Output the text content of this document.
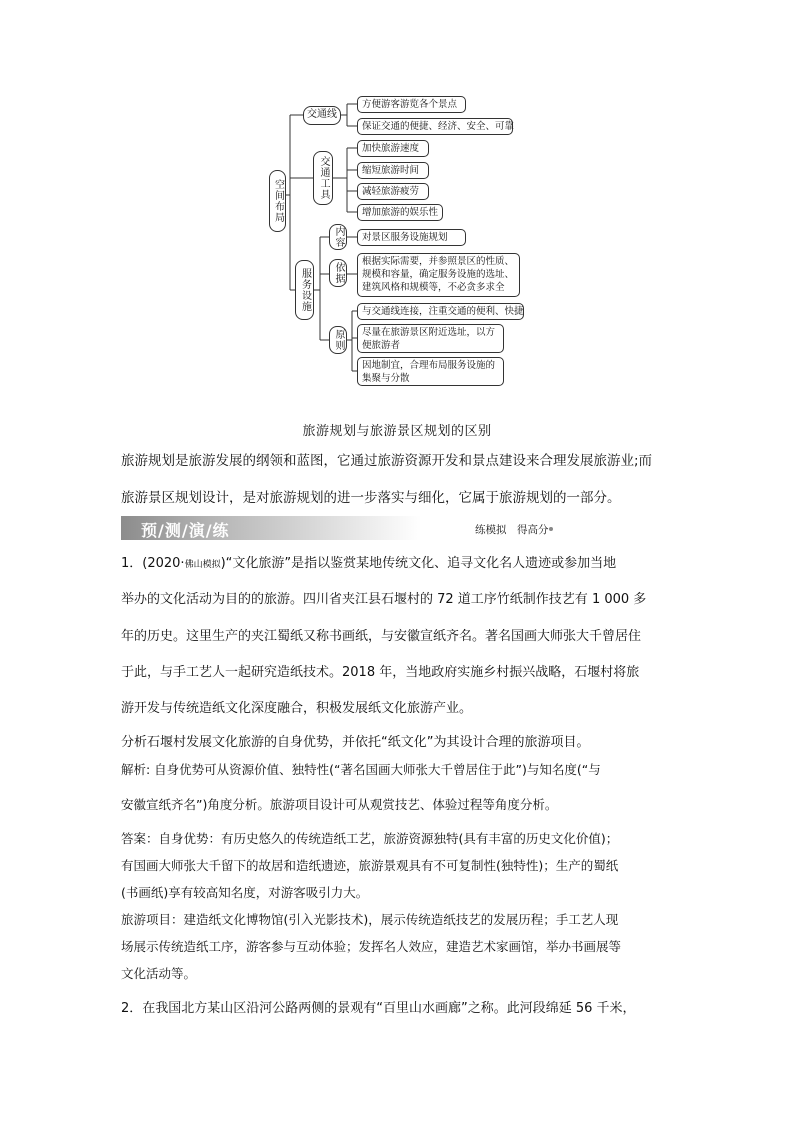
空间布局
交通线
方便游客游览各个景点
保证交通的便捷、经济、安全、可靠
交通工具
加快旅游速度
缩短旅游时间
减轻旅游疲劳
增加旅游的娱乐性
服务设施
内容	对景区服务设施规划
依据
根据实际需要，并参照景区的性质、规模和容量，确定服务设施的选址、建筑风格和规模等，不必贪多求全
原则
与交通线连接，注重交通的便利、快捷
尽量在旅游景区附近选址，以方便旅游者
因地制宜，合理布局服务设施的集聚与分散
旅游规划与旅游景区规划的区别
旅游规划是旅游发展的纲领和蓝图，它通过旅游资源开发和景点建设来合理发展旅游业;而
旅游景区规划设计，是对旅游规划的进一步落实与细化，它属于旅游规划的一部分。
预/测/演/练	练模拟　得高分
1．(2020·佛山模拟)“文化旅游”是指以鉴赏某地传统文化、追寻文化名人遗迹或参加当地
举办的文化活动为目的的旅游。四川省夹江县石堰村的 72 道工序竹纸制作技艺有 1 000 多
年的历史。这里生产的夹江蜀纸又称书画纸，与安徽宣纸齐名。著名国画大师张大千曾居住
于此，与手工艺人一起研究造纸技术。2018 年，当地政府实施乡村振兴战略，石堰村将旅
游开发与传统造纸文化深度融合，积极发展纸文化旅游产业。
分析石堰村发展文化旅游的自身优势，并依托“纸文化”为其设计合理的旅游项目。
解析: 自身优势可从资源价值、独特性(“著名国画大师张大千曾居住于此”)与知名度(“与
安徽宣纸齐名”)角度分析。旅游项目设计可从观赏技艺、体验过程等角度分析。
答案：自身优势：有历史悠久的传统造纸工艺，旅游资源独特(具有丰富的历史文化价值)；
有国画大师张大千留下的故居和造纸遗迹，旅游景观具有不可复制性(独特性)；生产的蜀纸
(书画纸)享有较高知名度，对游客吸引力大。
旅游项目：建造纸文化博物馆(引入光影技术)，展示传统造纸技艺的发展历程；手工艺人现
场展示传统造纸工序，游客参与互动体验；发挥名人效应，建造艺术家画馆，举办书画展等
文化活动等。
2．在我国北方某山区沿河公路两侧的景观有“百里山水画廊”之称。此河段绵延 56 千米，
